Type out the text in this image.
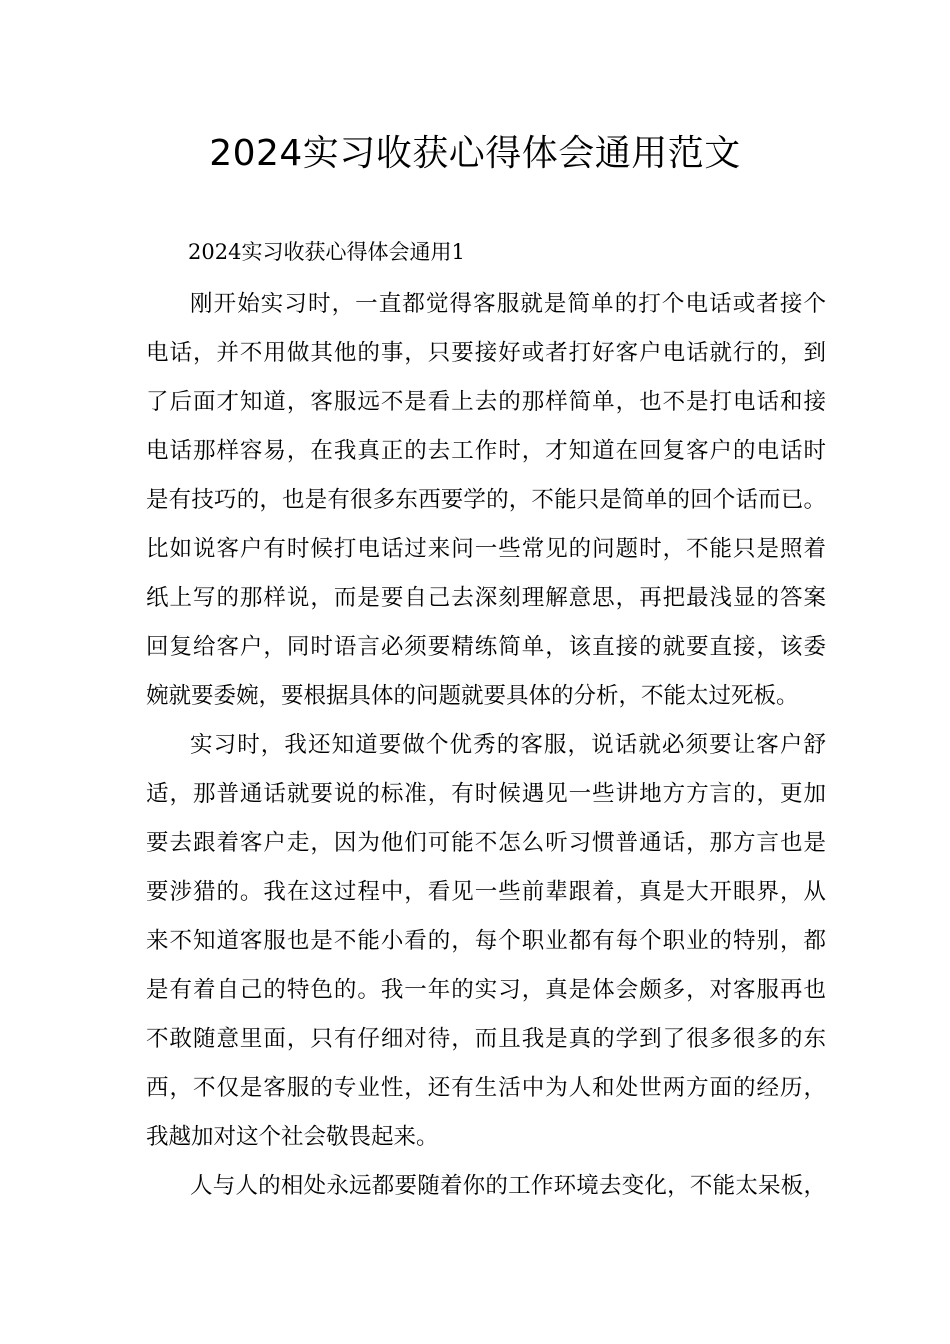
2024实习收获心得体会通用范文

2024实习收获心得体会通用1

刚开始实习时，一直都觉得客服就是简单的打个电话或者接个
电话，并不用做其他的事，只要接好或者打好客户电话就行的，到
了后面才知道，客服远不是看上去的那样简单，也不是打电话和接
电话那样容易，在我真正的去工作时，才知道在回复客户的电话时
是有技巧的，也是有很多东西要学的，不能只是简单的回个话而已。
比如说客户有时候打电话过来问一些常见的问题时，不能只是照着
纸上写的那样说，而是要自己去深刻理解意思，再把最浅显的答案
回复给客户，同时语言必须要精练简单，该直接的就要直接，该委
婉就要委婉，要根据具体的问题就要具体的分析，不能太过死板。

实习时，我还知道要做个优秀的客服，说话就必须要让客户舒
适，那普通话就要说的标准，有时候遇见一些讲地方方言的，更加
要去跟着客户走，因为他们可能不怎么听习惯普通话，那方言也是
要涉猎的。我在这过程中，看见一些前辈跟着，真是大开眼界，从
来不知道客服也是不能小看的，每个职业都有每个职业的特别，都
是有着自己的特色的。我一年的实习，真是体会颇多，对客服再也
不敢随意里面，只有仔细对待，而且我是真的学到了很多很多的东
西，不仅是客服的专业性，还有生活中为人和处世两方面的经历，
我越加对这个社会敬畏起来。

人与人的相处永远都要随着你的工作环境去变化，不能太呆板，
